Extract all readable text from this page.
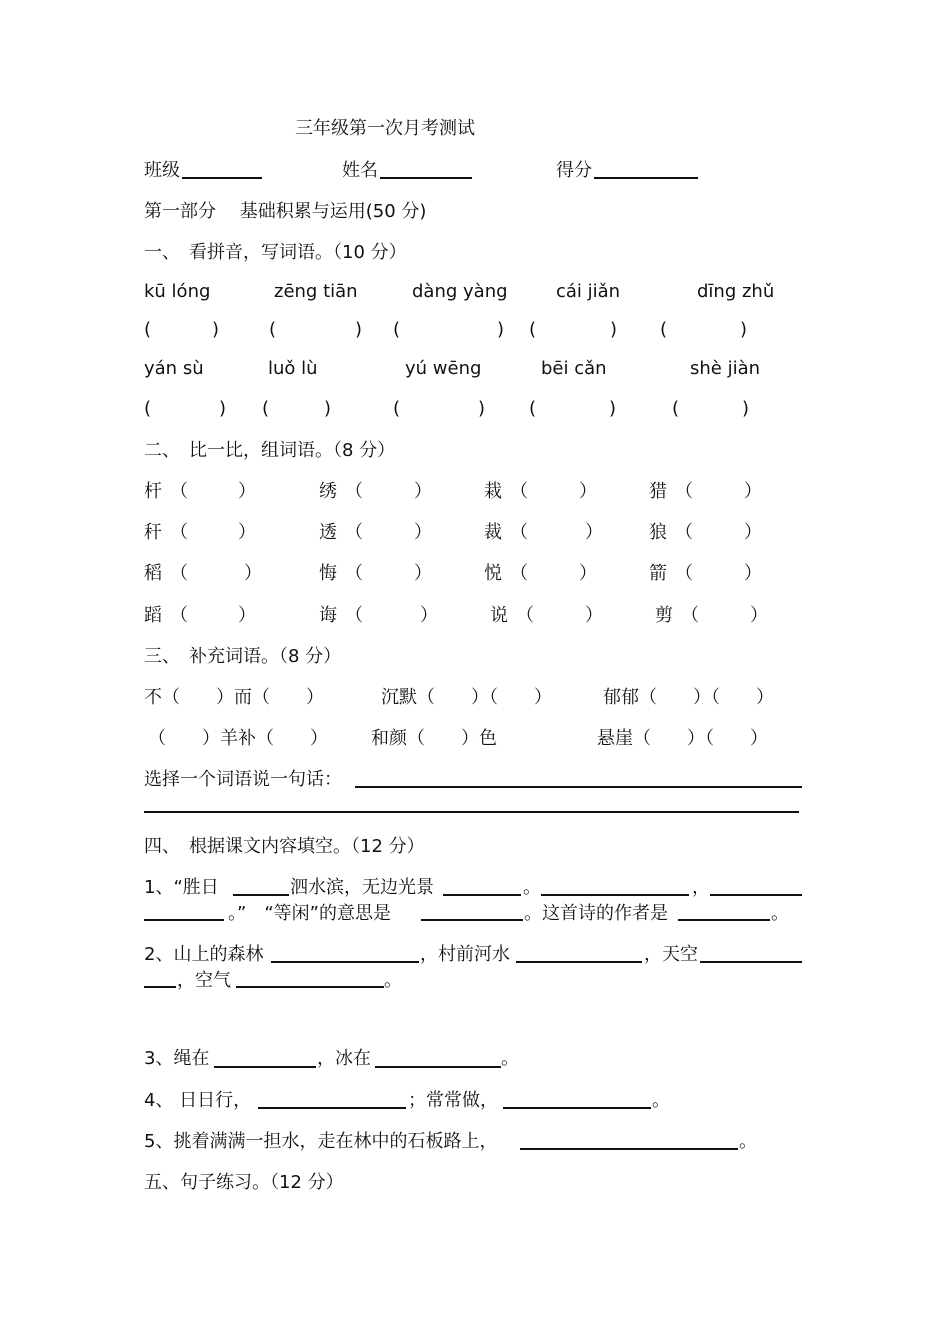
三年级第一次月考测试
班级	姓名	得分
第一部分　 基础积累与运用(50 分)
一、　看拼音，写词语。（10 分）
kū lóng	zēng tiān	dàng yàng	cái jiǎn	dīng zhǔ
(	)	(	) (	) (	) (	)
yán sù	luǒ lù	yú wēng	bēi cǎn	shè jiàn
(	) (	)	(	) (	)	(	)
二、　比一比，组词语。（8 分）
杆 （	）	绣 （	）	栽 （	）	猎 （	）
秆 （	）	透 （	）	裁 （	）	狼 （	）
稻 （	）	悔 （	）	悦 （	）	箭 （	）
蹈 （	）	诲 （	）	说 （	）	剪 （	）
三、　补充词语。（8 分）
不（　　）而（　　）	沉默（　　）（　　）	郁郁（　　）（　　）
（　　）羊补（　　） 和颜（　　）色	悬崖（　　）（　　）
选择一个词语说一句话：
四、　根据课文内容填空。（12 分）
1、“胜日	泗水滨，无边光景	。	，
。”　“等闲”的意思是	。这首诗的作者是	。
2、山上的森林	，村前河水	，天空
，空气	。
3、绳在	，冰在	。
4、 日日行，	；常常做，	。
5、挑着满满一担水，走在林中的石板路上，	。
五、句子练习。（12 分）
